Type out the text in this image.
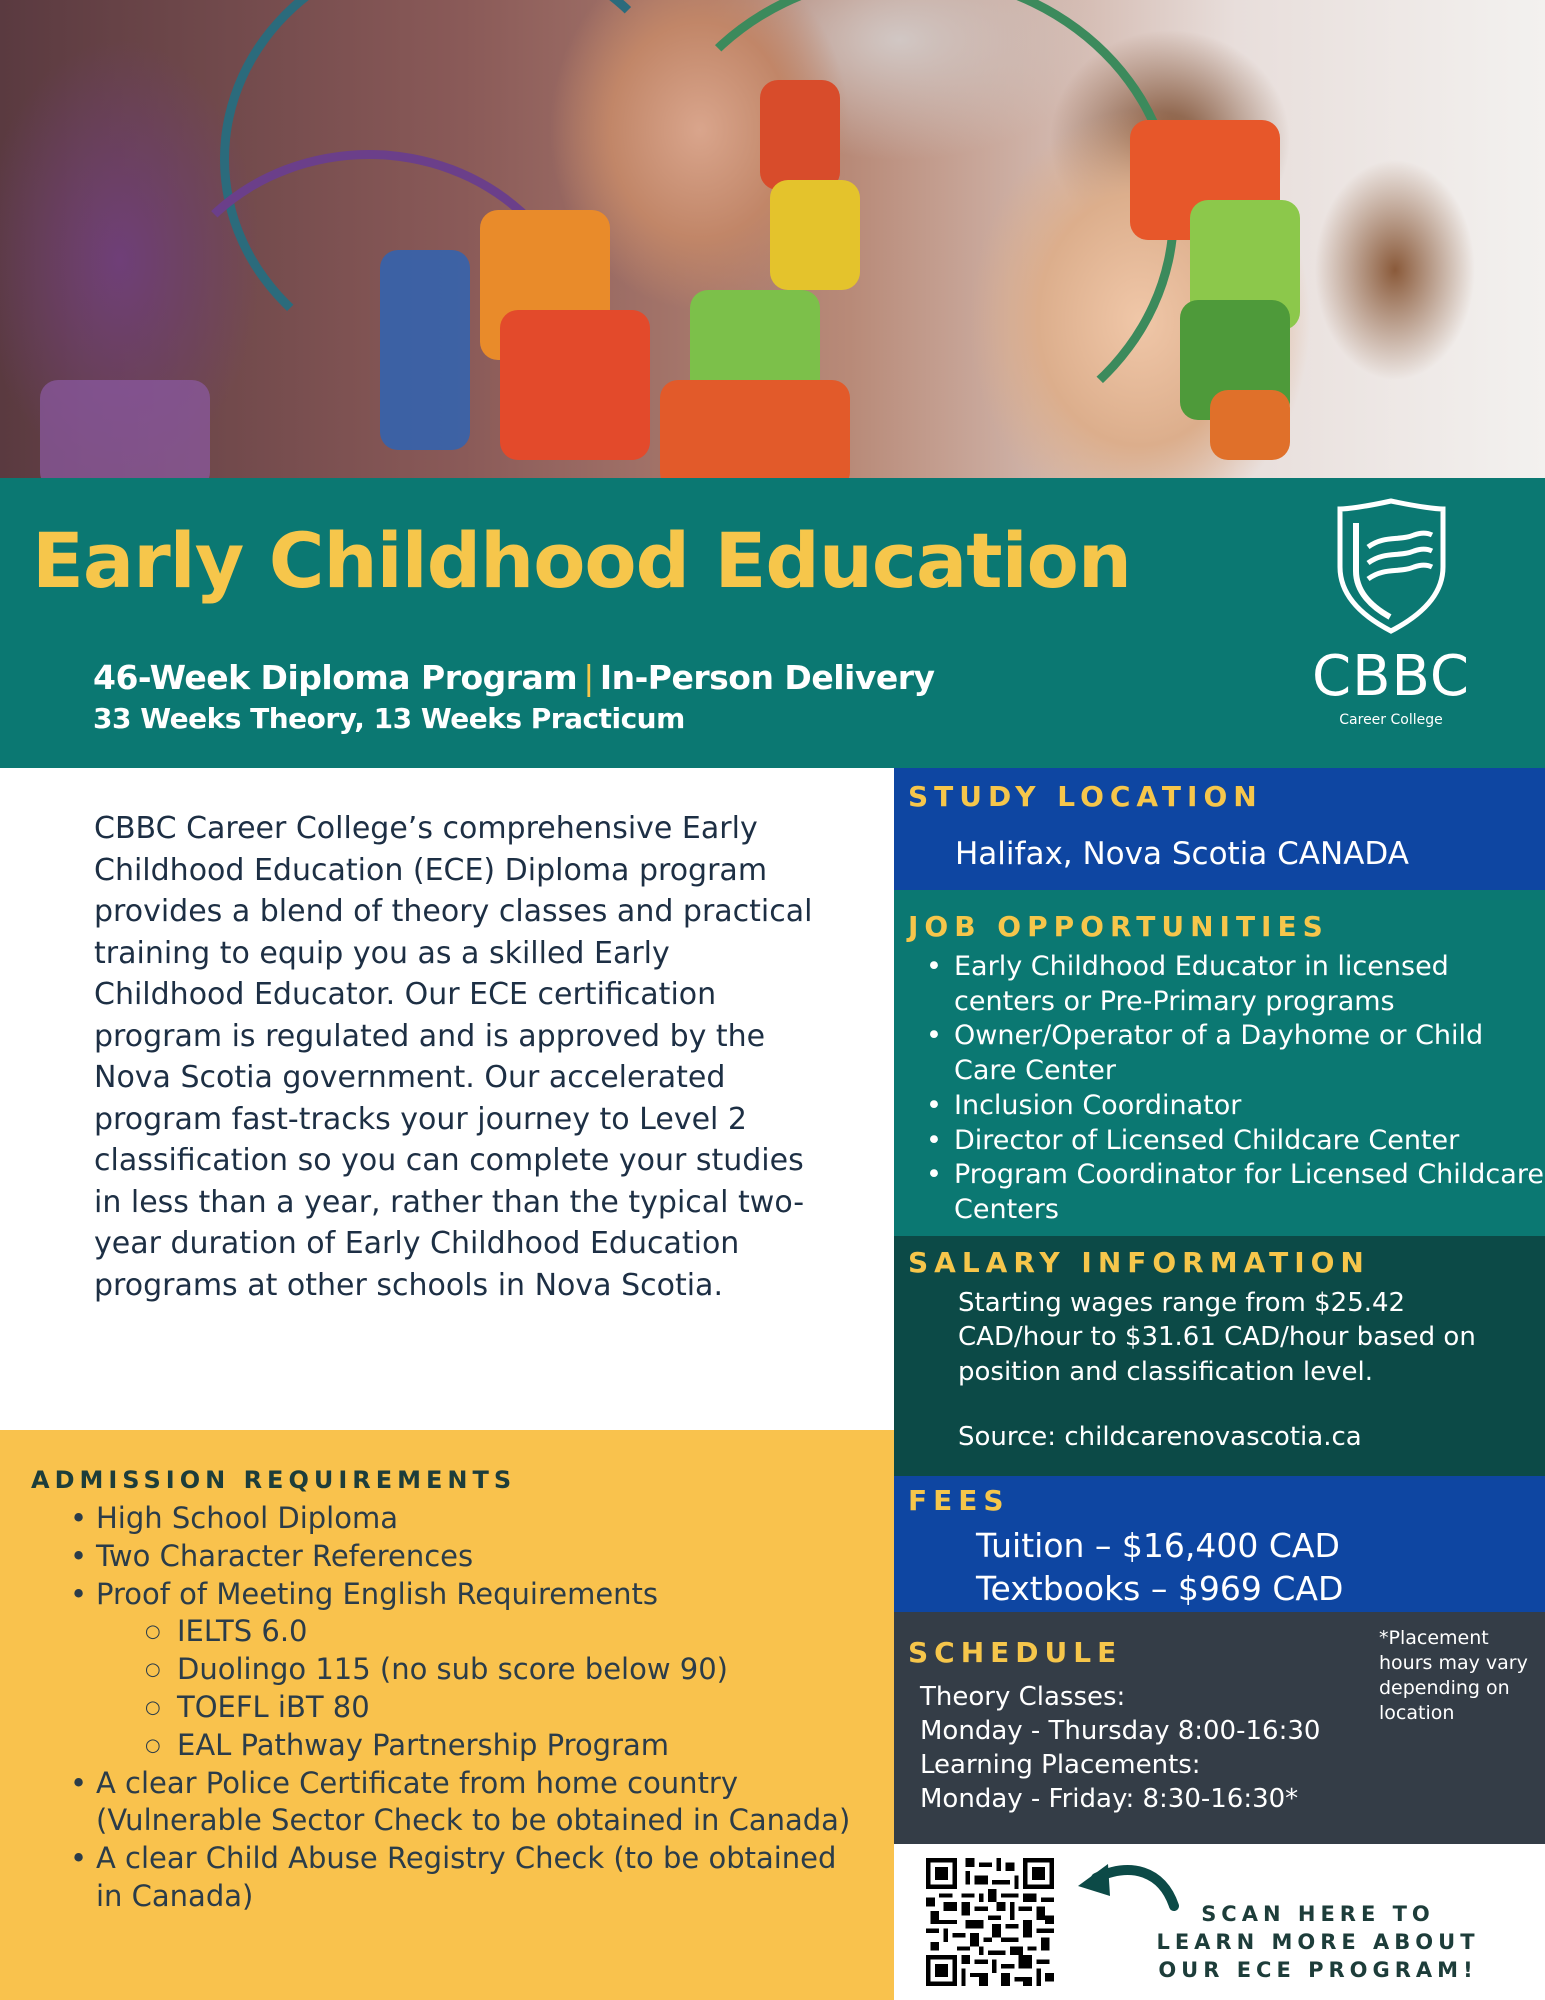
Early Childhood Education
46-Week Diploma Program | In-Person Delivery
33 Weeks Theory, 13 Weeks Practicum
CBBC
Career College
CBBC Career College’s comprehensive Early Childhood Education (ECE) Diploma program provides a blend of theory classes and practical training to equip you as a skilled Early Childhood Educator. Our ECE certification program is regulated and is approved by the Nova Scotia government. Our accelerated program fast-tracks your journey to Level 2 classification so you can complete your studies in less than a year, rather than the typical two-year duration of Early Childhood Education programs at other schools in Nova Scotia.
ADMISSION REQUIREMENTS
• High School Diploma
• Two Character References
• Proof of Meeting English Requirements
○ IELTS 6.0
○ Duolingo 115 (no sub score below 90)
○ TOEFL iBT 80
○ EAL Pathway Partnership Program
• A clear Police Certificate from home country (Vulnerable Sector Check to be obtained in Canada)
• A clear Child Abuse Registry Check (to be obtained in Canada)
STUDY LOCATION
Halifax, Nova Scotia CANADA
JOB OPPORTUNITIES
• Early Childhood Educator in licensed centers or Pre-Primary programs
• Owner/Operator of a Dayhome or Child Care Center
• Inclusion Coordinator
• Director of Licensed Childcare Center
• Program Coordinator for Licensed Childcare Centers
SALARY INFORMATION
Starting wages range from $25.42 CAD/hour to $31.61 CAD/hour based on position and classification level.
Source: childcarenovascotia.ca
FEES
Tuition – $16,400 CAD
Textbooks – $969 CAD
SCHEDULE
Theory Classes:
Monday - Thursday 8:00-16:30
Learning Placements:
Monday - Friday: 8:30-16:30*
*Placement hours may vary depending on location
SCAN HERE TO LEARN MORE ABOUT OUR ECE PROGRAM!
